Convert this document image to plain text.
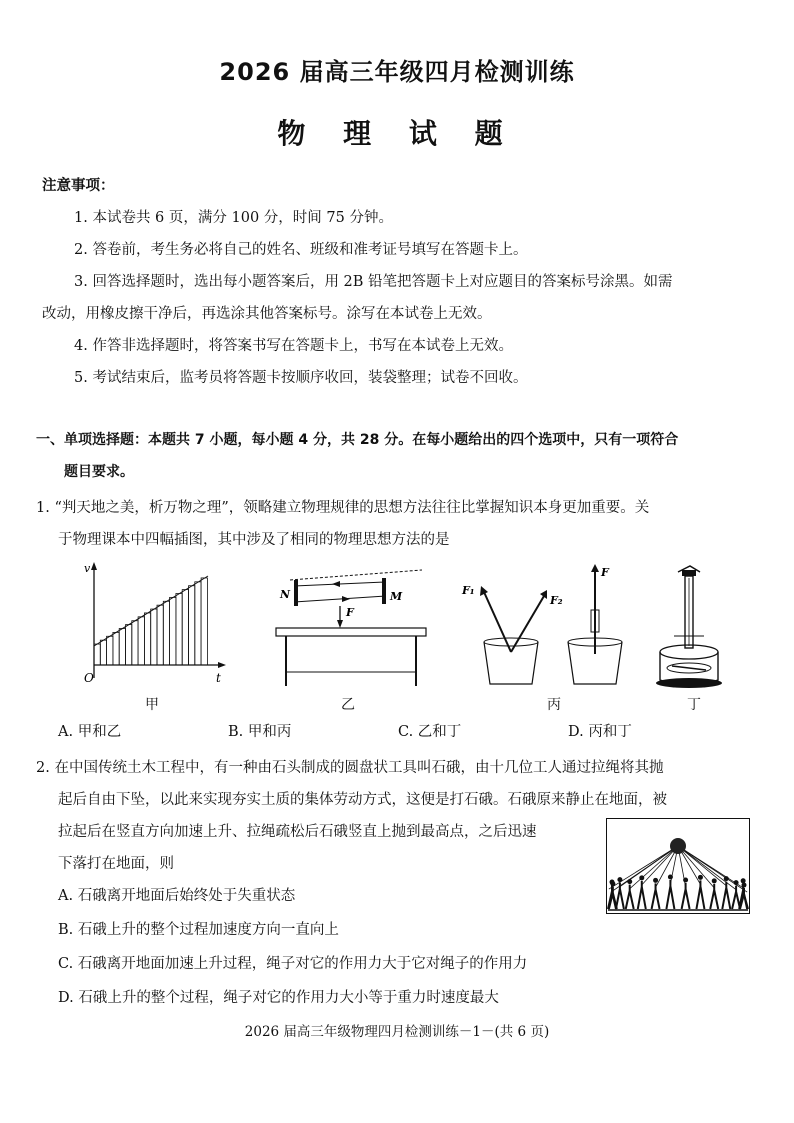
2026 届高三年级四月检测训练
物 理 试 题
注意事项：
1. 本试卷共 6 页，满分 100 分，时间 75 分钟。
2. 答卷前，考生务必将自己的姓名、班级和准考证号填写在答题卡上。
3. 回答选择题时，选出每小题答案后，用 2B 铅笔把答题卡上对应题目的答案标号涂黑。如需
改动，用橡皮擦干净后，再选涂其他答案标号。涂写在本试卷上无效。
4. 作答非选择题时，将答案书写在答题卡上，书写在本试卷上无效。
5. 考试结束后，监考员将答题卡按顺序收回，装袋整理；试卷不回收。
一、单项选择题：本题共 7 小题，每小题 4 分，共 28 分。在每小题给出的四个选项中，只有一项符合
题目要求。
1. “判天地之美，析万物之理”，领略建立物理规律的思想方法往往比掌握知识本身更加重要。关
于物理课本中四幅插图，其中涉及了相同的物理思想方法的是
v
t
O
甲
N	M
F
乙
F₁
F₂
F
丙	丁
A. 甲和乙	B. 甲和丙	C. 乙和丁	D. 丙和丁
2. 在中国传统土木工程中，有一种由石头制成的圆盘状工具叫石硪，由十几位工人通过拉绳将其抛
起后自由下坠，以此来实现夯实土质的集体劳动方式，这便是打石硪。石硪原来静止在地面，被
拉起后在竖直方向加速上升、拉绳疏松后石硪竖直上抛到最高点，之后迅速
下落打在地面，则
A. 石硪离开地面后始终处于失重状态
B. 石硪上升的整个过程加速度方向一直向上
C. 石硪离开地面加速上升过程，绳子对它的作用力大于它对绳子的作用力
D. 石硪上升的整个过程，绳子对它的作用力大小等于重力时速度最大
2026 届高三年级物理四月检测训练－1－(共 6 页)
